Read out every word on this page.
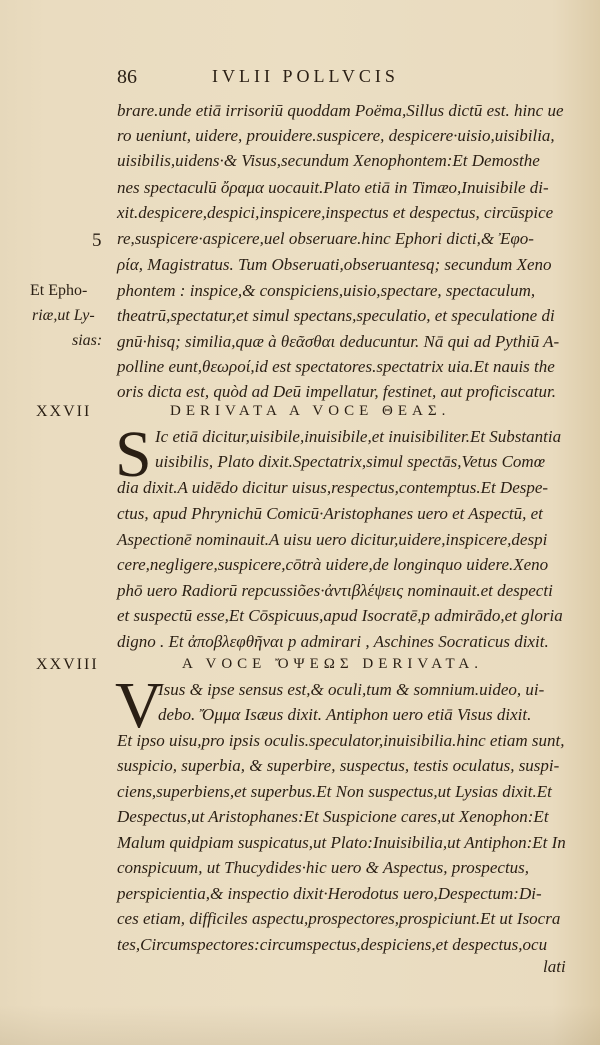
86	IVLII POLLVCIS
brare.unde etiā irrisoriū quoddam Poëma,Sillus dictū est. hinc ue
ro ueniunt, uidere, prouidere.suspicere, despicere·uisio,uisibilia,
uisibilis,uidens·& Visus,secundum Xenophontem:Et Demosthe
nes spectaculū ὄραμα uocauit.Plato etiā in Timæo,Inuisibile di-
xit.despicere,despici,inspicere,inspectus et despectus, circūspice
re,suspicere·aspicere,uel obseruare.hinc Ephori dicti,& Ἐφο-
ρία, Magistratus. Tum Obseruati,obseruantesq; secundum Xeno
phontem : inspice,& conspiciens,uisio,spectare, spectaculum,
theatrū,spectatur,et simul spectans,speculatio, et speculatione di
gnū·hisq; similia,quæ à θεᾶσθαι deducuntur. Nā qui ad Pythiū A-
polline eunt,θεωροί,id est spectatores.spectatrix uia.Et nauis the
oris dicta est, quòd ad Deū impellatur, festinet, aut proficiscatur.
5
Et Epho-
riæ,ut Ly-
sias:
XXVII	DERIVATA A VOCE ΘΕΑΣ.
S Ic etiā dicitur,uisibile,inuisibile,et inuisibiliter.Et Substantia
uisibilis, Plato dixit.Spectatrix,simul spectās,Vetus Comœ
dia dixit.A uidēdo dicitur uisus,respectus,contemptus.Et Despe-
ctus, apud Phrynichū Comicū·Aristophanes uero et Aspectū, et
Aspectionē nominauit.A uisu uero dicitur,uidere,inspicere,despi
cere,negligere,suspicere,cōtrà uidere,de longinquo uidere.Xeno
phō uero Radiorū repcussiões·ἀντιβλέψεις nominauit.et despecti
et suspectū esse,Et Cōspicuus,apud Isocratē,p admirādo,et gloria
digno . Et ἀποβλεφθῆναι p admirari , Aschines Socraticus dixit.
XXVIII	A VOCE ὌΨΕΩΣ DERIVATA.
V
Isus & ipse sensus est,& oculi,tum & somnium.uideo, ui-
debo. Ὄμμα Isæus dixit. Antiphon uero etiā Visus dixit.
Et ipso uisu,pro ipsis oculis.speculator,inuisibilia.hinc etiam sunt,
suspicio, superbia, & superbire, suspectus, testis oculatus, suspi-
ciens,superbiens,et superbus.Et Non suspectus,ut Lysias dixit.Et
Despectus,ut Aristophanes:Et Suspicione cares,ut Xenophon:Et
Malum quidpiam suspicatus,ut Plato:Inuisibilia,ut Antiphon:Et In
conspicuum, ut Thucydides·hic uero & Aspectus, prospectus,
perspicientia,& inspectio dixit·Herodotus uero,Despectum:Di-
ces etiam, difficiles aspectu,prospectores,prospiciunt.Et ut Isocra
tes,Circumspectores:circumspectus,despiciens,et despectus,ocu
lati
